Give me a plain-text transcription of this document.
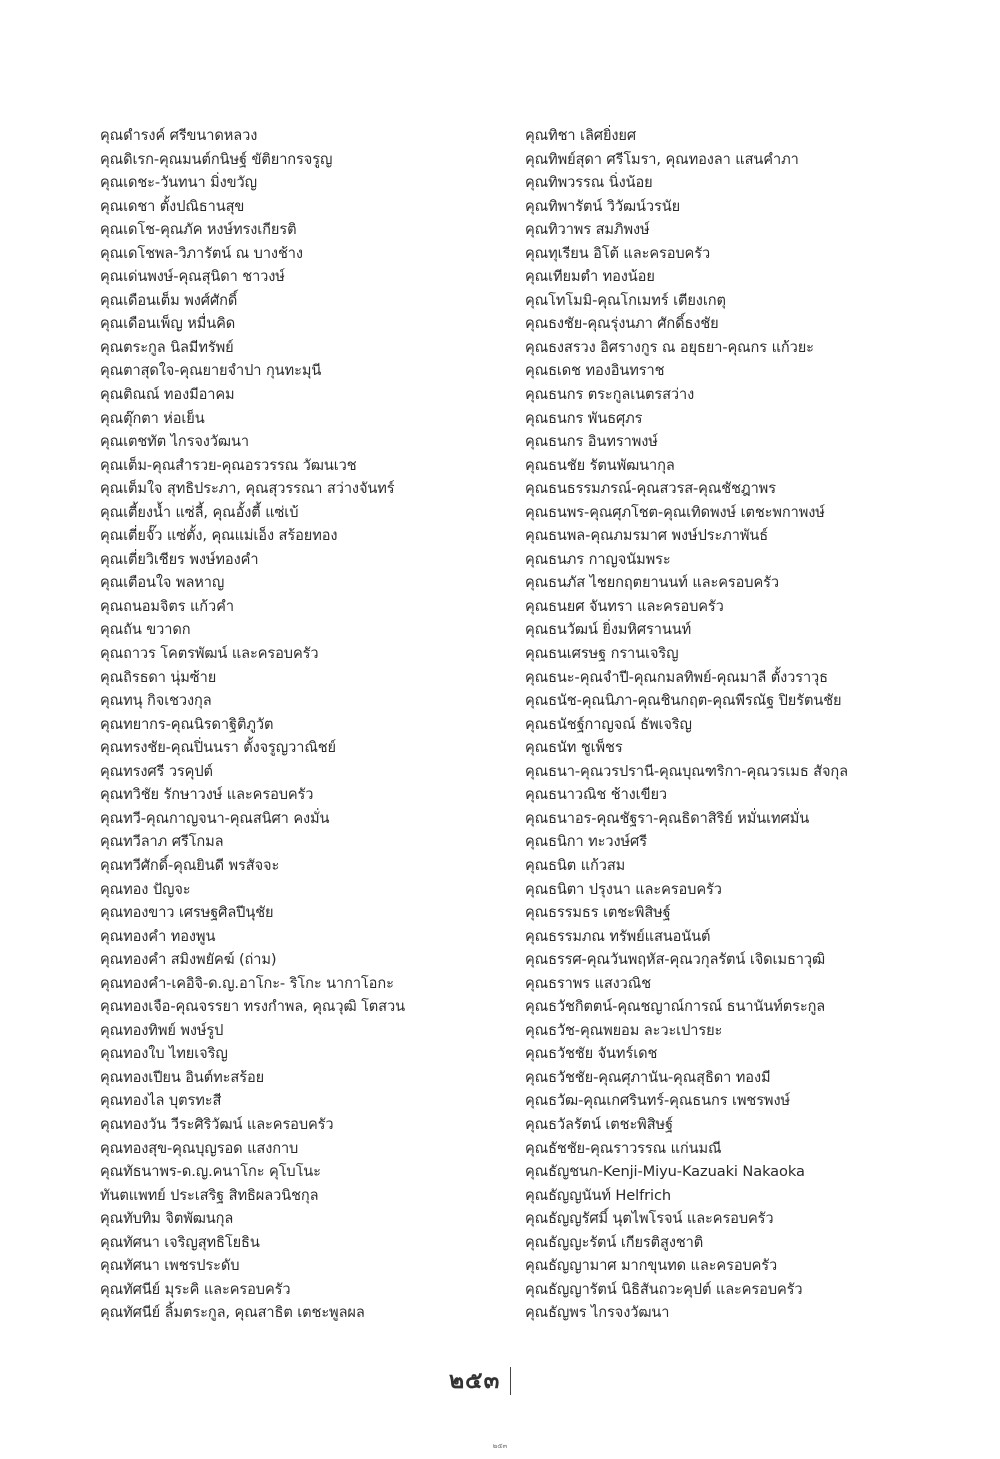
คุณดำรงค์ ศรีขนาดหลวง
คุณดิเรก-คุณมนต์กนิษฐ์ ขัติยากรจรูญ
คุณเดชะ-วันทนา มิ่งขวัญ
คุณเดชา ตั้งปณิธานสุข
คุณเดโช-คุณภัค หงษ์ทรงเกียรติ
คุณเดโชพล-วิภารัตน์ ณ บางช้าง
คุณเด่นพงษ์-คุณสุนิดา ชาวงษ์
คุณเดือนเต็ม พงศ์ศักดิ์
คุณเดือนเพ็ญ หมื่นคิด
คุณตระกูล นิลมีทรัพย์
คุณตาสุดใจ-คุณยายจำปา กุนทะมุนี
คุณติณณ์ ทองมีอาคม
คุณตุ๊กตา ห่อเย็น
คุณเตชทัต ไกรจงวัฒนา
คุณเต็ม-คุณสำรวย-คุณอรวรรณ วัฒนเวช
คุณเต็มใจ สุทธิประภา, คุณสุวรรณา สว่างจันทร์
คุณเตี้ยงน้ำ แซ่ลี้, คุณอั้งตี้ แซ่เบ้
คุณเตี่ยจั๊ว แซ่ตั้ง, คุณแม่เอ็ง สร้อยทอง
คุณเตี่ยวิเชียร พงษ์ทองคำ
คุณเตือนใจ พลหาญ
คุณถนอมจิตร แก้วคำ
คุณถัน ขวาดก
คุณถาวร โคตรพัฒน์ และครอบครัว
คุณถิรธดา นุ่มซ้าย
คุณทนุ กิจเชวงกุล
คุณทยากร-คุณนิรดาฐิติภูวัต
คุณทรงชัย-คุณปิ่นนรา ตั้งจรูญวาณิชย์
คุณทรงศรี วรคุปต์
คุณทวิชัย รักษาวงษ์ และครอบครัว
คุณทวี-คุณกาญจนา-คุณสนิศา คงมั่น
คุณทวีลาภ ศรีโกมล
คุณทวีศักดิ์-คุณยินดี พรสัจจะ
คุณทอง ปัญจะ
คุณทองขาว เศรษฐศิลปีนุชัย
คุณทองคำ ทองพูน
คุณทองคำ สมิงพยัคฆ์ (ถ่าม)
คุณทองคำ-เคอิจิ-ด.ญ.อาโกะ- ริโกะ นากาโอกะ
คุณทองเจือ-คุณจรรยา ทรงกำพล, คุณวุฒิ โตสวน
คุณทองทิพย์ พงษ์รูป
คุณทองใบ ไทยเจริญ
คุณทองเปียน อินต์ทะสร้อย
คุณทองไล บุตรทะสี
คุณทองวัน วีระศิริวัฒน์ และครอบครัว
คุณทองสุข-คุณบุญรอด แสงกาบ
คุณทัธนาพร-ด.ญ.คนาโกะ คุโบโนะ
ทันตแพทย์ ประเสริฐ สิทธิผลวนิชกุล
คุณทับทิม จิตพัฒนกุล
คุณทัศนา เจริญสุทธิโยธิน
คุณทัศนา เพชรประดับ
คุณทัศนีย์ มุระคิ และครอบครัว
คุณทัศนีย์ ลิ้มตระกูล, คุณสาธิต เตชะพูลผล
คุณทิชา เลิศยิ่งยศ
คุณทิพย์สุดา ศรีโมรา, คุณทองลา แสนคำภา
คุณทิพวรรณ นิ่งน้อย
คุณทิพารัตน์ วิวัฒน์วรนัย
คุณทิวาพร สมภิพงษ์
คุณทุเรียน อิโต้ และครอบครัว
คุณเทียมตำ ทองน้อย
คุณโทโมมิ-คุณโกเมทร์ เตียงเกตุ
คุณธงชัย-คุณรุ่งนภา ศักดิ์ธงชัย
คุณธงสรวง อิศรางกูร ณ อยุธยา-คุณกร แก้วยะ
คุณธเดช ทองอินทราช
คุณธนกร ตระกูลเนตรสว่าง
คุณธนกร พันธศุภร
คุณธนกร อินทราพงษ์
คุณธนชัย รัตนพัฒนากุล
คุณธนธรรมภรณ์-คุณสวรส-คุณชัชฎาพร
คุณธนพร-คุณศุภโชต-คุณเทิดพงษ์ เตชะพกาพงษ์
คุณธนพล-คุณภมรมาศ พงษ์ประภาพันธ์
คุณธนภร กาญจนัมพระ
คุณธนภัส ไชยกฤตยานนท์ และครอบครัว
คุณธนยศ จันทรา และครอบครัว
คุณธนวัฒน์ ยิ่งมหิศรานนท์
คุณธนเศรษฐ กรานเจริญ
คุณธนะ-คุณจำปี-คุณกมลทิพย์-คุณมาลี ตั้งวราวุธ
คุณธนัช-คุณนิภา-คุณชินกฤต-คุณพีรณัฐ ปิยรัตนชัย
คุณธนัชฐ์กาญจณ์ ธัพเจริญ
คุณธนัท ชูเพ็ชร
คุณธนา-คุณวรปรานี-คุณบุณฑริกา-คุณวรเมธ สัจกุล
คุณธนาวณิช ช้างเขียว
คุณธนาอร-คุณชัฐรา-คุณธิดาสิริย์ หมั่นเทศมั่น
คุณธนิกา ทะวงษ์ศรี
คุณธนิต แก้วสม
คุณธนิตา ปรุงนา และครอบครัว
คุณธรรมธร เตชะพิสิษฐ์
คุณธรรมภณ ทรัพย์แสนอนันต์
คุณธรรศ-คุณวันพฤหัส-คุณวกุลรัตน์ เจิดเมธาวุฒิ
คุณธราพร แสงวณิช
คุณธวัชกิตตน์-คุณชญาณ์การณ์ ธนานันท์ตระกูล
คุณธวัช-คุณพยอม ละวะเปารยะ
คุณธวัชชัย จันทร์เดช
คุณธวัชชัย-คุณศุภานัน-คุณสุธิดา ทองมี
คุณธวัฒ-คุณเกศรินทร์-คุณธนกร เพชรพงษ์
คุณธวัลรัตน์ เตชะพิสิษฐ์
คุณธัชชัย-คุณราวรรณ แก่นมณี
คุณธัญชนก-Kenji-Miyu-Kazuaki Nakaoka
คุณธัญญนันท์ Helfrich
คุณธัญญรัศมิ์ นุตไพโรจน์ และครอบครัว
คุณธัญญะรัตน์ เกียรติสูงชาติ
คุณธัญญามาศ มากขุนทด และครอบครัว
คุณธัญญารัตน์ นิธิสันถวะคุปต์ และครอบครัว
คุณธัญพร ไกรจงวัฒนา
๒๕๓
๒๕๓
